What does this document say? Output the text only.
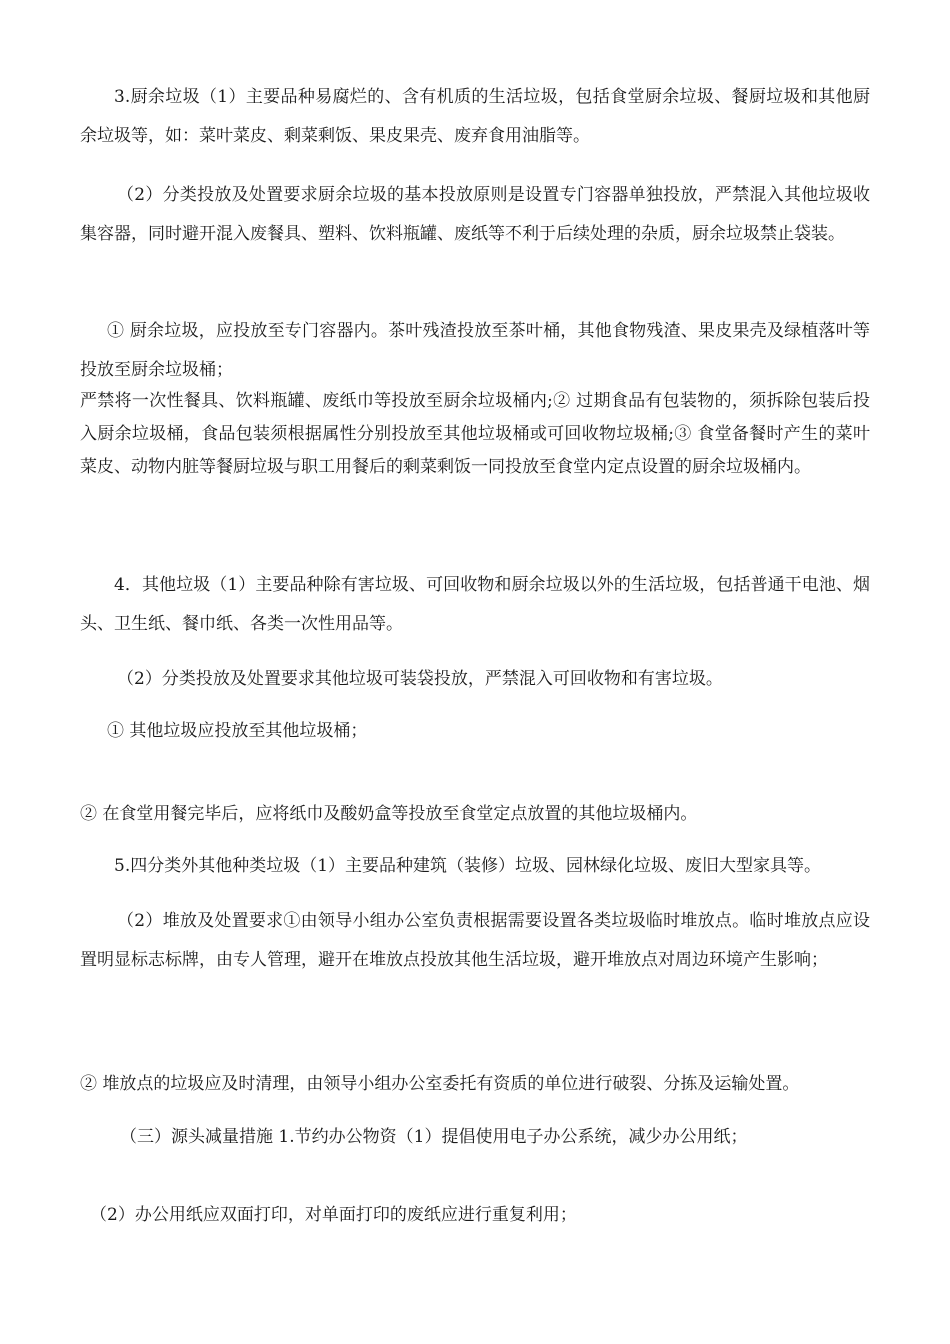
3.厨余垃圾（1）主要品种易腐烂的、含有机质的生活垃圾，包括食堂厨余垃圾、餐厨垃圾和其他厨余垃圾等，如：菜叶菜皮、剩菜剩饭、果皮果壳、废弃食用油脂等。

（2）分类投放及处置要求厨余垃圾的基本投放原则是设置专门容器单独投放，严禁混入其他垃圾收集容器，同时避开混入废餐具、塑料、饮料瓶罐、废纸等不利于后续处理的杂质，厨余垃圾禁止袋装。

① 厨余垃圾，应投放至专门容器内。茶叶残渣投放至茶叶桶，其他食物残渣、果皮果壳及绿植落叶等投放至厨余垃圾桶；

严禁将一次性餐具、饮料瓶罐、废纸巾等投放至厨余垃圾桶内;② 过期食品有包装物的，须拆除包装后投入厨余垃圾桶，食品包装须根据属性分别投放至其他垃圾桶或可回收物垃圾桶;③ 食堂备餐时产生的菜叶菜皮、动物内脏等餐厨垃圾与职工用餐后的剩菜剩饭一同投放至食堂内定点设置的厨余垃圾桶内。

4．其他垃圾（1）主要品种除有害垃圾、可回收物和厨余垃圾以外的生活垃圾，包括普通干电池、烟头、卫生纸、餐巾纸、各类一次性用品等。

（2）分类投放及处置要求其他垃圾可装袋投放，严禁混入可回收物和有害垃圾。

① 其他垃圾应投放至其他垃圾桶；

② 在食堂用餐完毕后，应将纸巾及酸奶盒等投放至食堂定点放置的其他垃圾桶内。

5.四分类外其他种类垃圾（1）主要品种建筑（装修）垃圾、园林绿化垃圾、废旧大型家具等。

（2）堆放及处置要求①由领导小组办公室负责根据需要设置各类垃圾临时堆放点。临时堆放点应设置明显标志标牌，由专人管理，避开在堆放点投放其他生活垃圾，避开堆放点对周边环境产生影响；

② 堆放点的垃圾应及时清理，由领导小组办公室委托有资质的单位进行破裂、分拣及运输处置。

（三）源头减量措施 1.节约办公物资（1）提倡使用电子办公系统，减少办公用纸；

（2）办公用纸应双面打印，对单面打印的废纸应进行重复利用；
